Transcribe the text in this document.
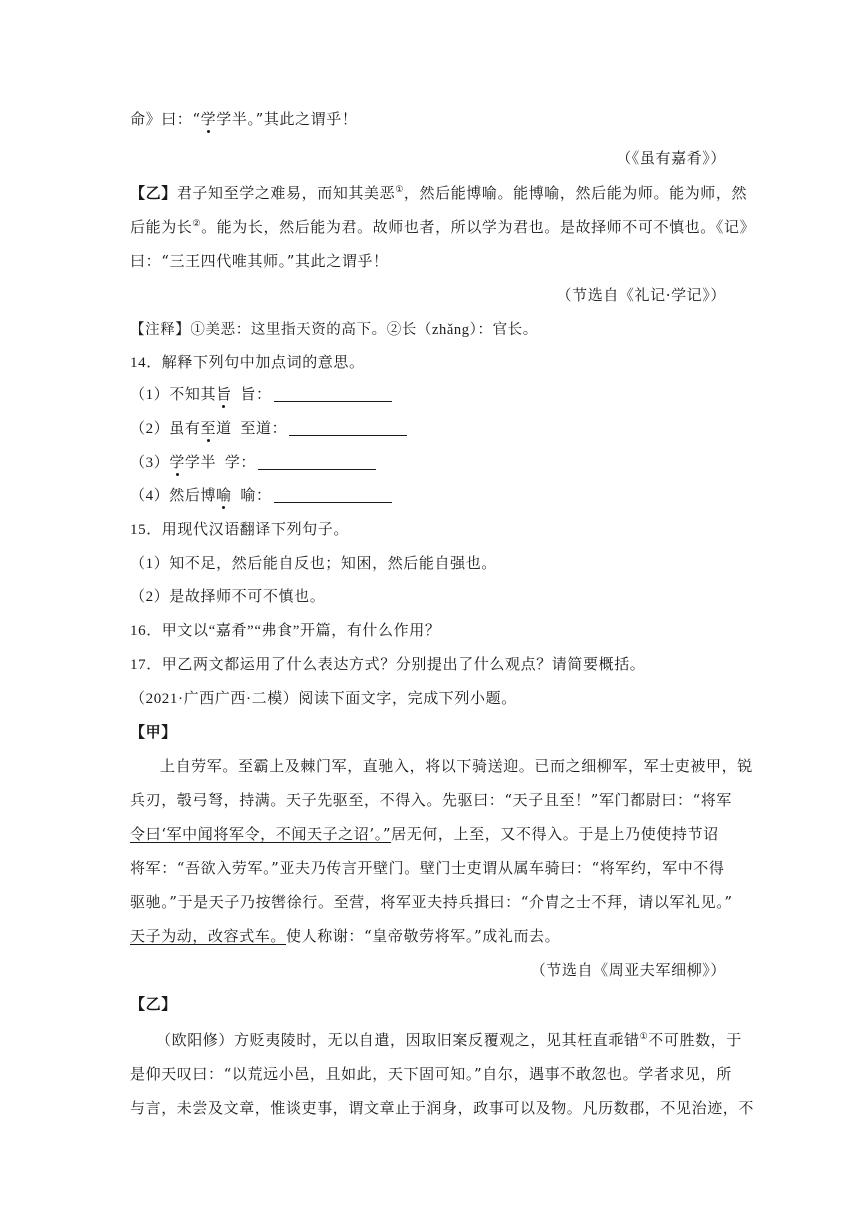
命》曰：“学学半。”其此之谓乎！
（《虽有嘉肴》）
【乙】君子知至学之难易，而知其美恶①，然后能博喻。能博喻，然后能为师。能为师，然
后能为长②。能为长，然后能为君。故师也者，所以学为君也。是故择师不可不慎也。《记》
曰：“三王四代唯其师。”其此之谓乎！
（节选自《礼记·学记》）
【注释】①美恶：这里指天资的高下。②长（zhǎng）：官长。
14．解释下列句中加点词的意思。
（1）不知其旨  旨：
（2）虽有至道  至道：
（3）学学半  学：
（4）然后博喻  喻：
15．用现代汉语翻译下列句子。
（1）知不足，然后能自反也；知困，然后能自强也。
（2）是故择师不可不慎也。
16．甲文以“嘉肴”“弗食”开篇，有什么作用？
17．甲乙两文都运用了什么表达方式？分别提出了什么观点？请简要概括。
（2021·广西广西·二模）阅读下面文字，完成下列小题。
【甲】
上自劳军。至霸上及棘门军，直驰入，将以下骑送迎。已而之细柳军，军士吏被甲，锐
兵刃，彀弓弩，持满。天子先驱至，不得入。先驱曰：“天子且至！”军门都尉曰：“将军
令曰‘军中闻将军令，不闻天子之诏’。”居无何，上至，又不得入。于是上乃使使持节诏
将军：“吾欲入劳军。”亚夫乃传言开壁门。壁门士吏谓从属车骑曰：“将军约，军中不得
驱驰。”于是天子乃按辔徐行。至营，将军亚夫持兵揖曰：“介胄之士不拜，请以军礼见。”
天子为动，改容式车。使人称谢：“皇帝敬劳将军。”成礼而去。
（节选自《周亚夫军细柳》）
【乙】
（欧阳修）方贬夷陵时，无以自遣，因取旧案反覆观之，见其枉直乖错①不可胜数，于
是仰天叹曰：“以荒远小邑，且如此，天下固可知。”自尔，遇事不敢忽也。学者求见，所
与言，未尝及文章，惟谈吏事，谓文章止于润身，政事可以及物。凡历数郡，不见治迹，不
